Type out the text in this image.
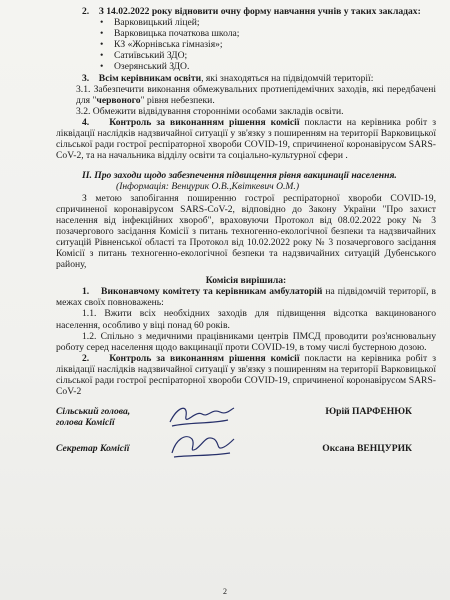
2. З 14.02.2022 року відновити очну форму навчання учнів у таких закладах:

• Варковицький ліцей;
• Варковицька початкова школа;
• КЗ «Жорнівська гімназія»;
• Сатиївський ЗДО;
• Озерянський ЗДО.

3. Всім керівникам освіти, які знаходяться на підвідомчій території:

3.1. Забезпечити виконання обмежувальних протиепідемічних заходів, які передбачені для "червоного" рівня небезпеки.

3.2. Обмежити відвідування сторонніми особами закладів освіти.

4. Контроль за виконанням рішення комісії покласти на керівника робіт з ліквідації наслідків надзвичайної ситуації у зв'язку з поширенням на території Варковицької сільської ради гострої респіраторної хвороби COVID-19, спричиненої коронавірусом SARS-CoV-2, та на начальника відділу освіти та соціально-культурної сфери .

II. Про заходи щодо забезпечення підвищення рівня вакцинації населення.

(Інформація: Венцурик О.В.,Квіткевич О.М.)

З метою запобігання поширенню гострої респіраторної хвороби COVID-19, спричиненої коронавірусом SARS-CoV-2, відповідно до Закону України "Про захист населення від інфекційних хвороб", враховуючи Протокол від 08.02.2022 року № 3 позачергового засідання Комісії з питань техногенно-екологічної безпеки та надзвичайних ситуацій Рівненської області та Протокол від 10.02.2022 року № 3 позачергового засідання Комісії з питань техногенно-екологічної безпеки та надзвичайних ситуацій Дубенського району,

Комісія вирішила:

1. Виконавчому комітету та керівникам амбулаторій на підвідомчій території, в межах своїх повноважень:

1.1. Вжити всіх необхідних заходів для підвищення відсотка вакцинованого населення, особливо у віці понад 60 років.

1.2. Спільно з медичними працівниками центрів ПМСД проводити роз'яснювальну роботу серед населення щодо вакцинації проти COVID-19, в тому числі бустерною дозою.

2. Контроль за виконанням рішення комісії покласти на керівника робіт з ліквідації наслідків надзвичайної ситуації у зв'язку з поширенням на території Варковицької сільської ради гострої респіраторної хвороби COVID-19, спричиненої коронавірусом SARS-CoV-2

Сільський голова,
голова Комісії
Юрій ПАРФЕНЮК
Секретар Комісії	Оксана ВЕНЦУРИК
2
